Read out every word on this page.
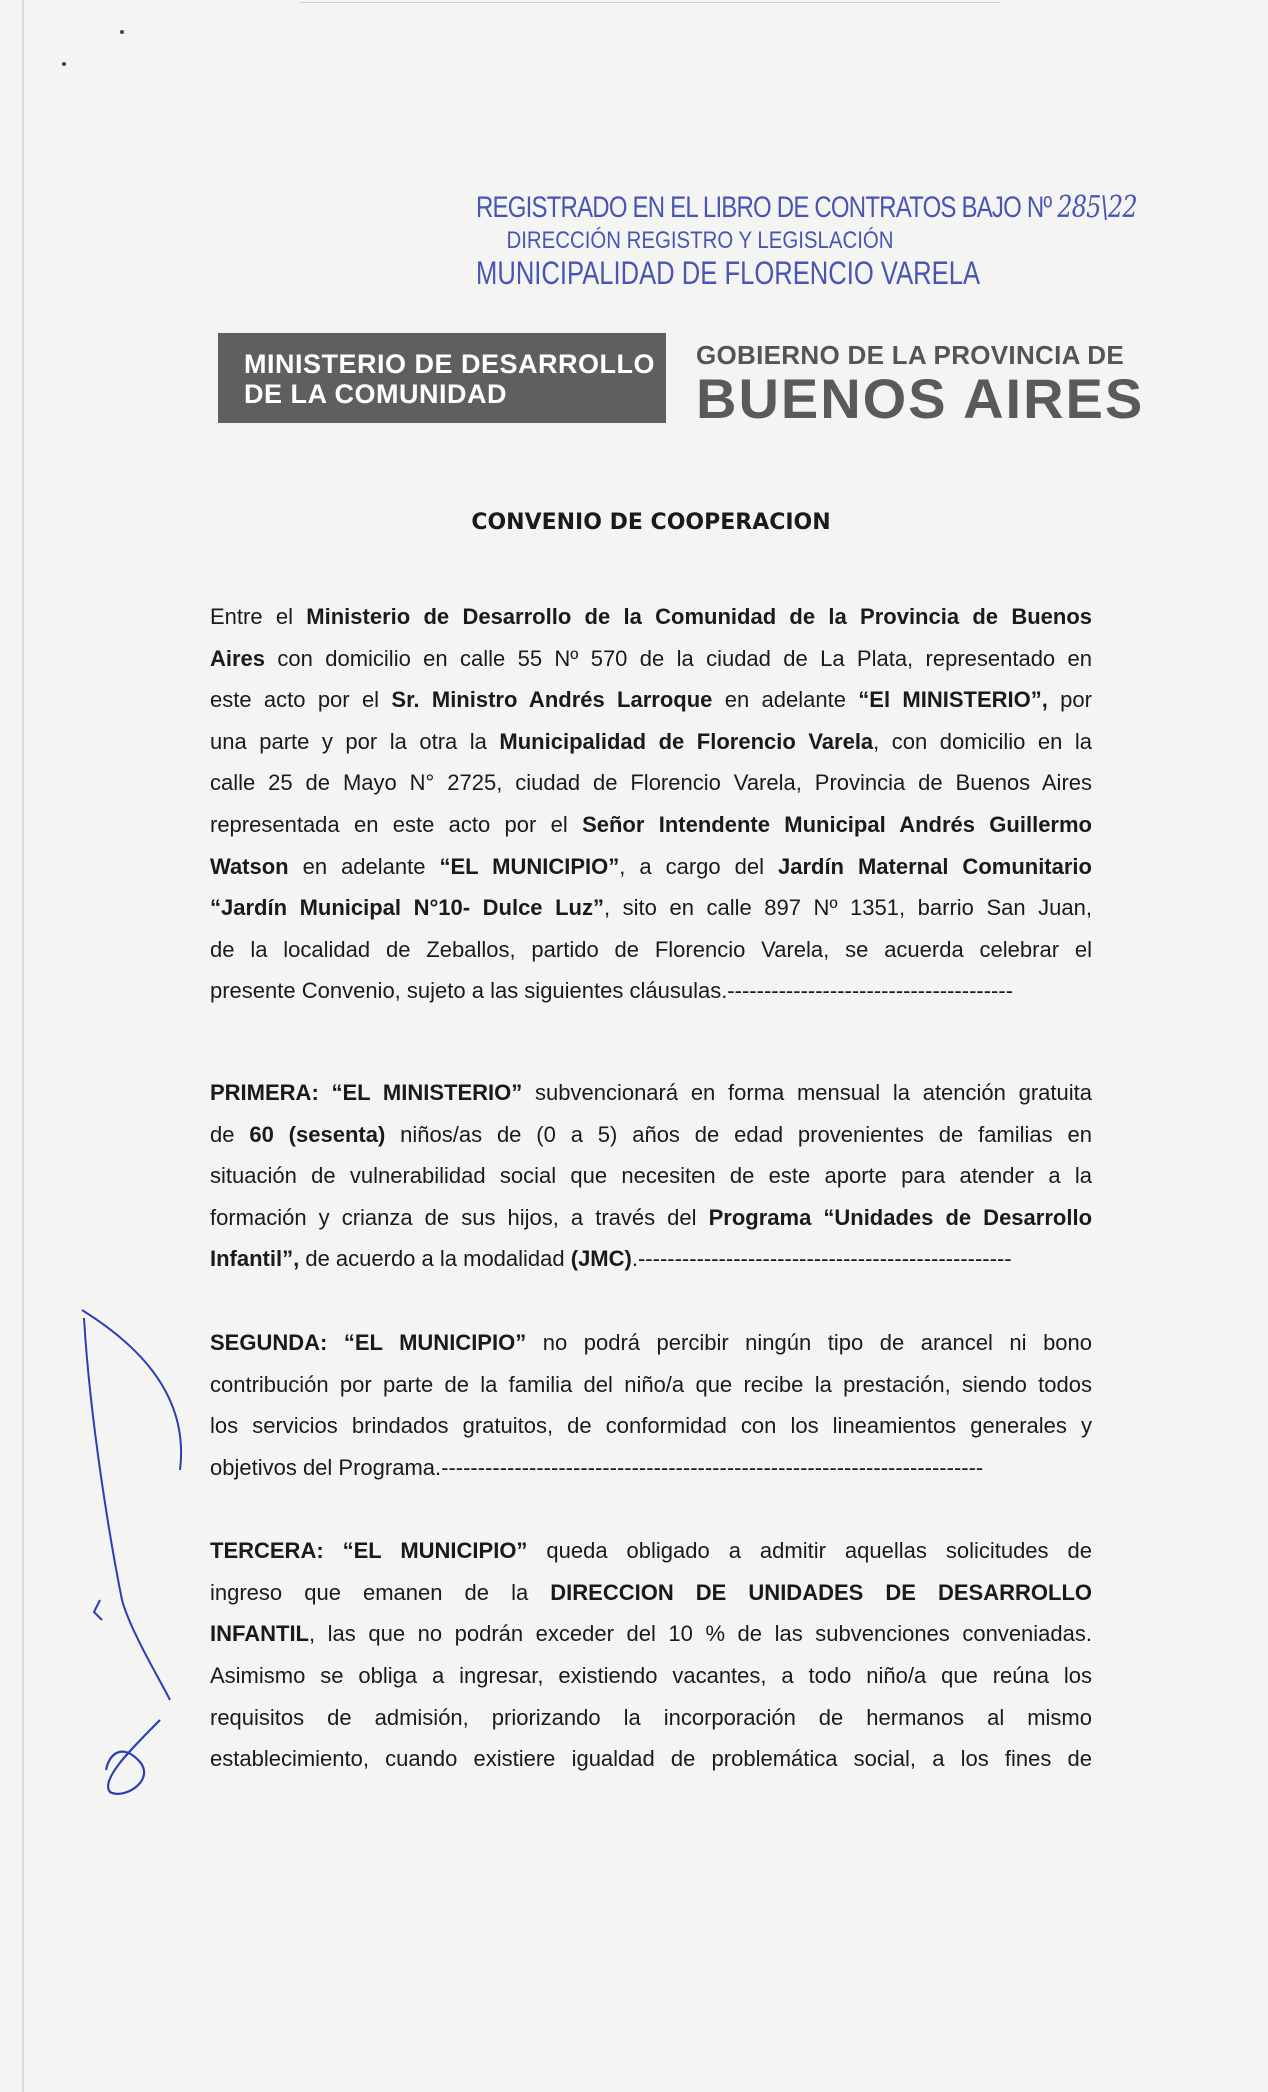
REGISTRADO EN EL LIBRO DE CONTRATOS BAJO Nº 285\22
DIRECCIÓN REGISTRO Y LEGISLACIÓN
MUNICIPALIDAD DE FLORENCIO VARELA
MINISTERIO DE DESARROLLO
DE LA COMUNIDAD
GOBIERNO DE LA PROVINCIA DE
BUENOS AIRES
CONVENIO DE COOPERACION
Entre el Ministerio de Desarrollo de la Comunidad de la Provincia de Buenos
Aires con domicilio en calle 55 Nº 570 de la ciudad de La Plata, representado en
este acto por el Sr. Ministro Andrés Larroque en adelante “El MINISTERIO”, por
una parte y por la otra la Municipalidad de Florencio Varela, con domicilio en la
calle 25 de Mayo N° 2725, ciudad de Florencio Varela, Provincia de Buenos Aires
representada en este acto por el Señor Intendente Municipal Andrés Guillermo
Watson en adelante “EL MUNICIPIO”, a cargo del Jardín Maternal Comunitario
“Jardín Municipal N°10- Dulce Luz”, sito en calle 897 Nº 1351, barrio San Juan,
de la localidad de Zeballos, partido de Florencio Varela, se acuerda celebrar el
presente Convenio, sujeto a las siguientes cláusulas.---------------------------------------
PRIMERA: “EL MINISTERIO” subvencionará en forma mensual la atención gratuita
de 60 (sesenta) niños/as de (0 a 5) años de edad provenientes de familias en
situación de vulnerabilidad social que necesiten de este aporte para atender a la
formación y crianza de sus hijos, a través del Programa “Unidades de Desarrollo
Infantil”, de acuerdo a la modalidad (JMC).---------------------------------------------------
SEGUNDA: “EL MUNICIPIO” no podrá percibir ningún tipo de arancel ni bono
contribución por parte de la familia del niño/a que recibe la prestación, siendo todos
los servicios brindados gratuitos, de conformidad con los lineamientos generales y
objetivos del Programa.--------------------------------------------------------------------------
TERCERA: “EL MUNICIPIO” queda obligado a admitir aquellas solicitudes de
ingreso que emanen de la DIRECCION DE UNIDADES DE DESARROLLO
INFANTIL, las que no podrán exceder del 10 % de las subvenciones conveniadas.
Asimismo se obliga a ingresar, existiendo vacantes, a todo niño/a que reúna los
requisitos de admisión, priorizando la incorporación de hermanos al mismo
establecimiento, cuando existiere igualdad de problemática social, a los fines de
